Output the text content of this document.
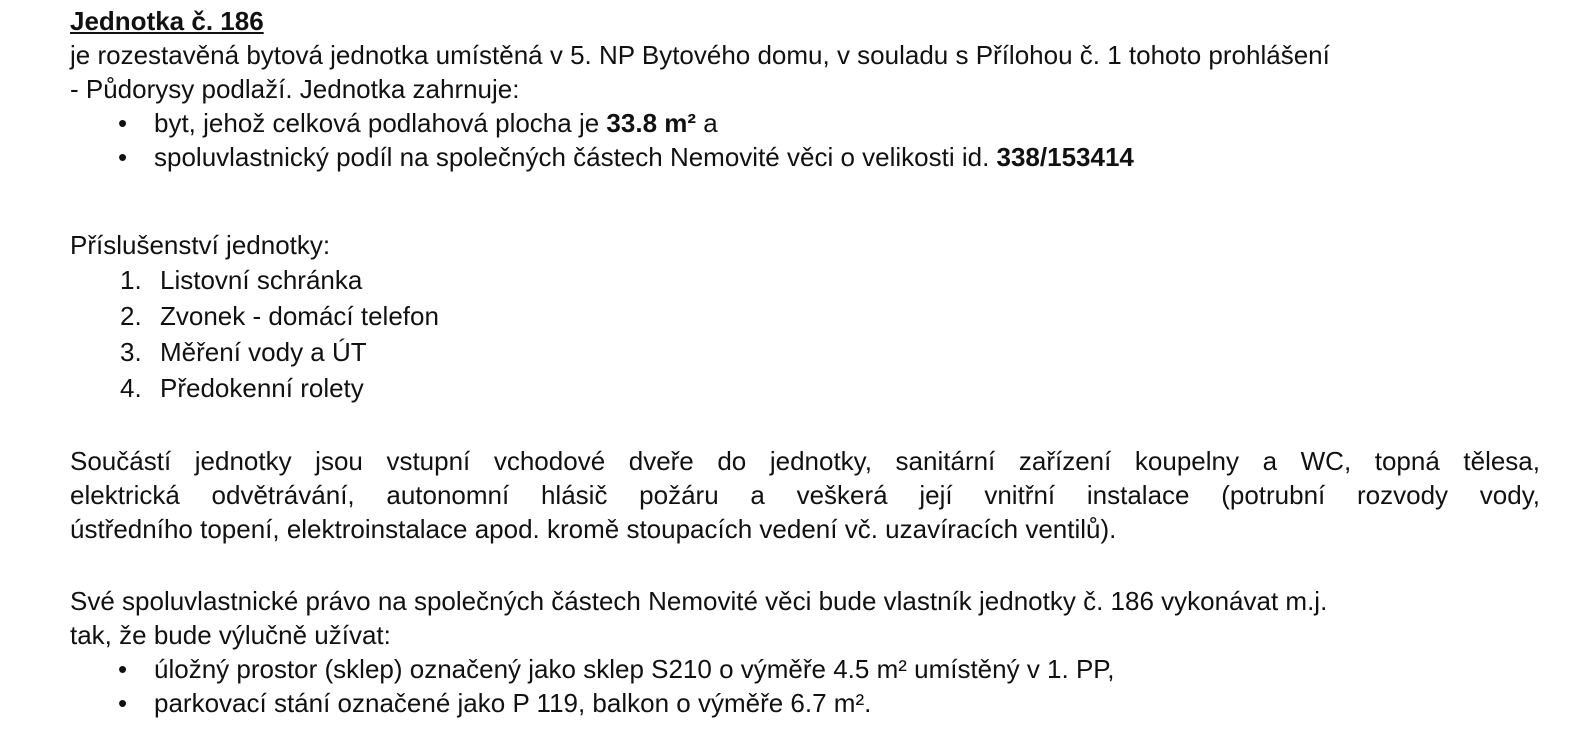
Jednotka č. 186
je rozestavěná bytová jednotka umístěná v 5. NP Bytového domu, v souladu s Přílohou č. 1 tohoto prohlášení
- Půdorysy podlaží. Jednotka zahrnuje:
• byt, jehož celková podlahová plocha je 33.8 m² a
• spoluvlastnický podíl na společných částech Nemovité věci o velikosti id. 338/153414
Příslušenství jednotky:
1. Listovní schránka
2. Zvonek - domácí telefon
3. Měření vody a ÚT
4. Předokenní rolety
Součástí jednotky jsou vstupní vchodové dveře do jednotky, sanitární zařízení koupelny a WC, topná tělesa,
elektrická odvětrávání, autonomní hlásič požáru a veškerá její vnitřní instalace (potrubní rozvody vody,
ústředního topení, elektroinstalace apod. kromě stoupacích vedení vč. uzavíracích ventilů).
Své spoluvlastnické právo na společných částech Nemovité věci bude vlastník jednotky č. 186 vykonávat m.j.
tak, že bude výlučně užívat:
• úložný prostor (sklep) označený jako sklep S210 o výměře 4.5 m² umístěný v 1. PP,
• parkovací stání označené jako P 119, balkon o výměře 6.7 m².
